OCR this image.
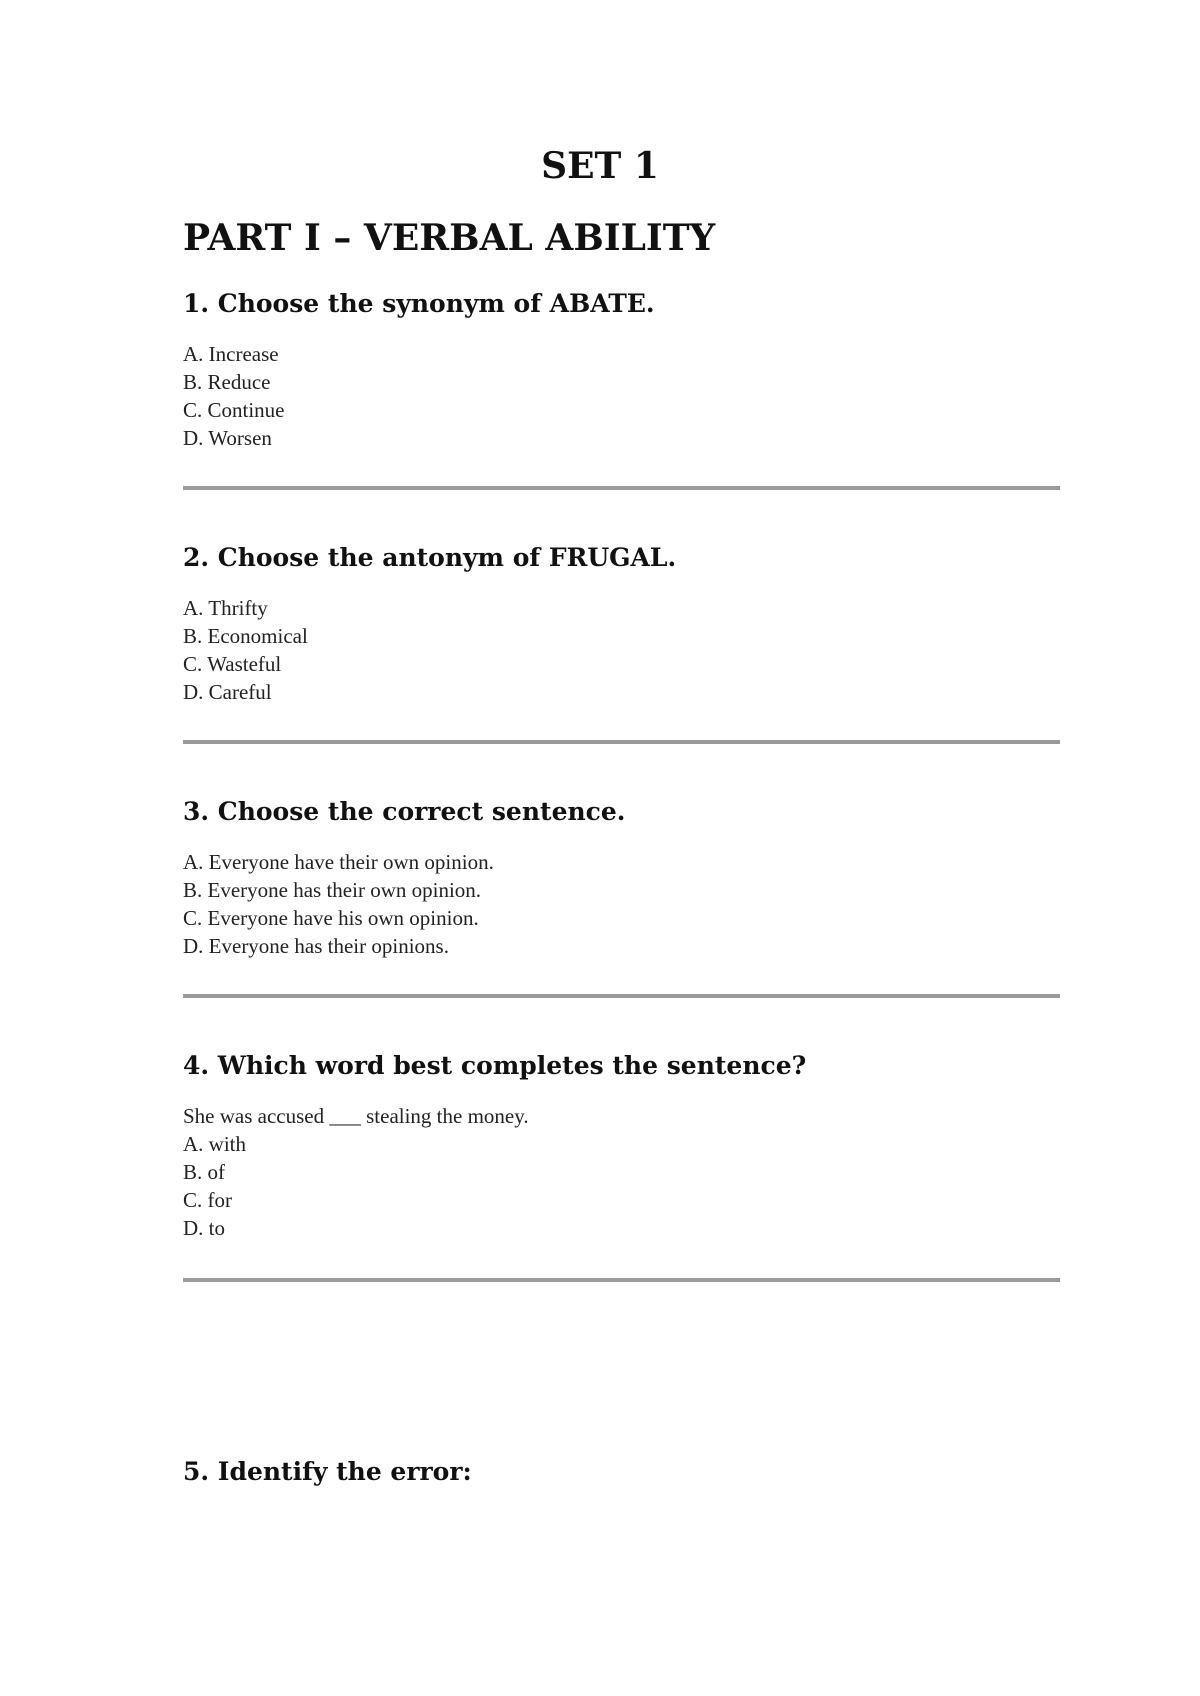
SET 1
PART I – VERBAL ABILITY
1. Choose the synonym of ABATE.
A. Increase
B. Reduce
C. Continue
D. Worsen
2. Choose the antonym of FRUGAL.
A. Thrifty
B. Economical
C. Wasteful
D. Careful
3. Choose the correct sentence.
A. Everyone have their own opinion.
B. Everyone has their own opinion.
C. Everyone have his own opinion.
D. Everyone has their opinions.
4. Which word best completes the sentence?
She was accused ___ stealing the money.
A. with
B. of
C. for
D. to
5. Identify the error:
